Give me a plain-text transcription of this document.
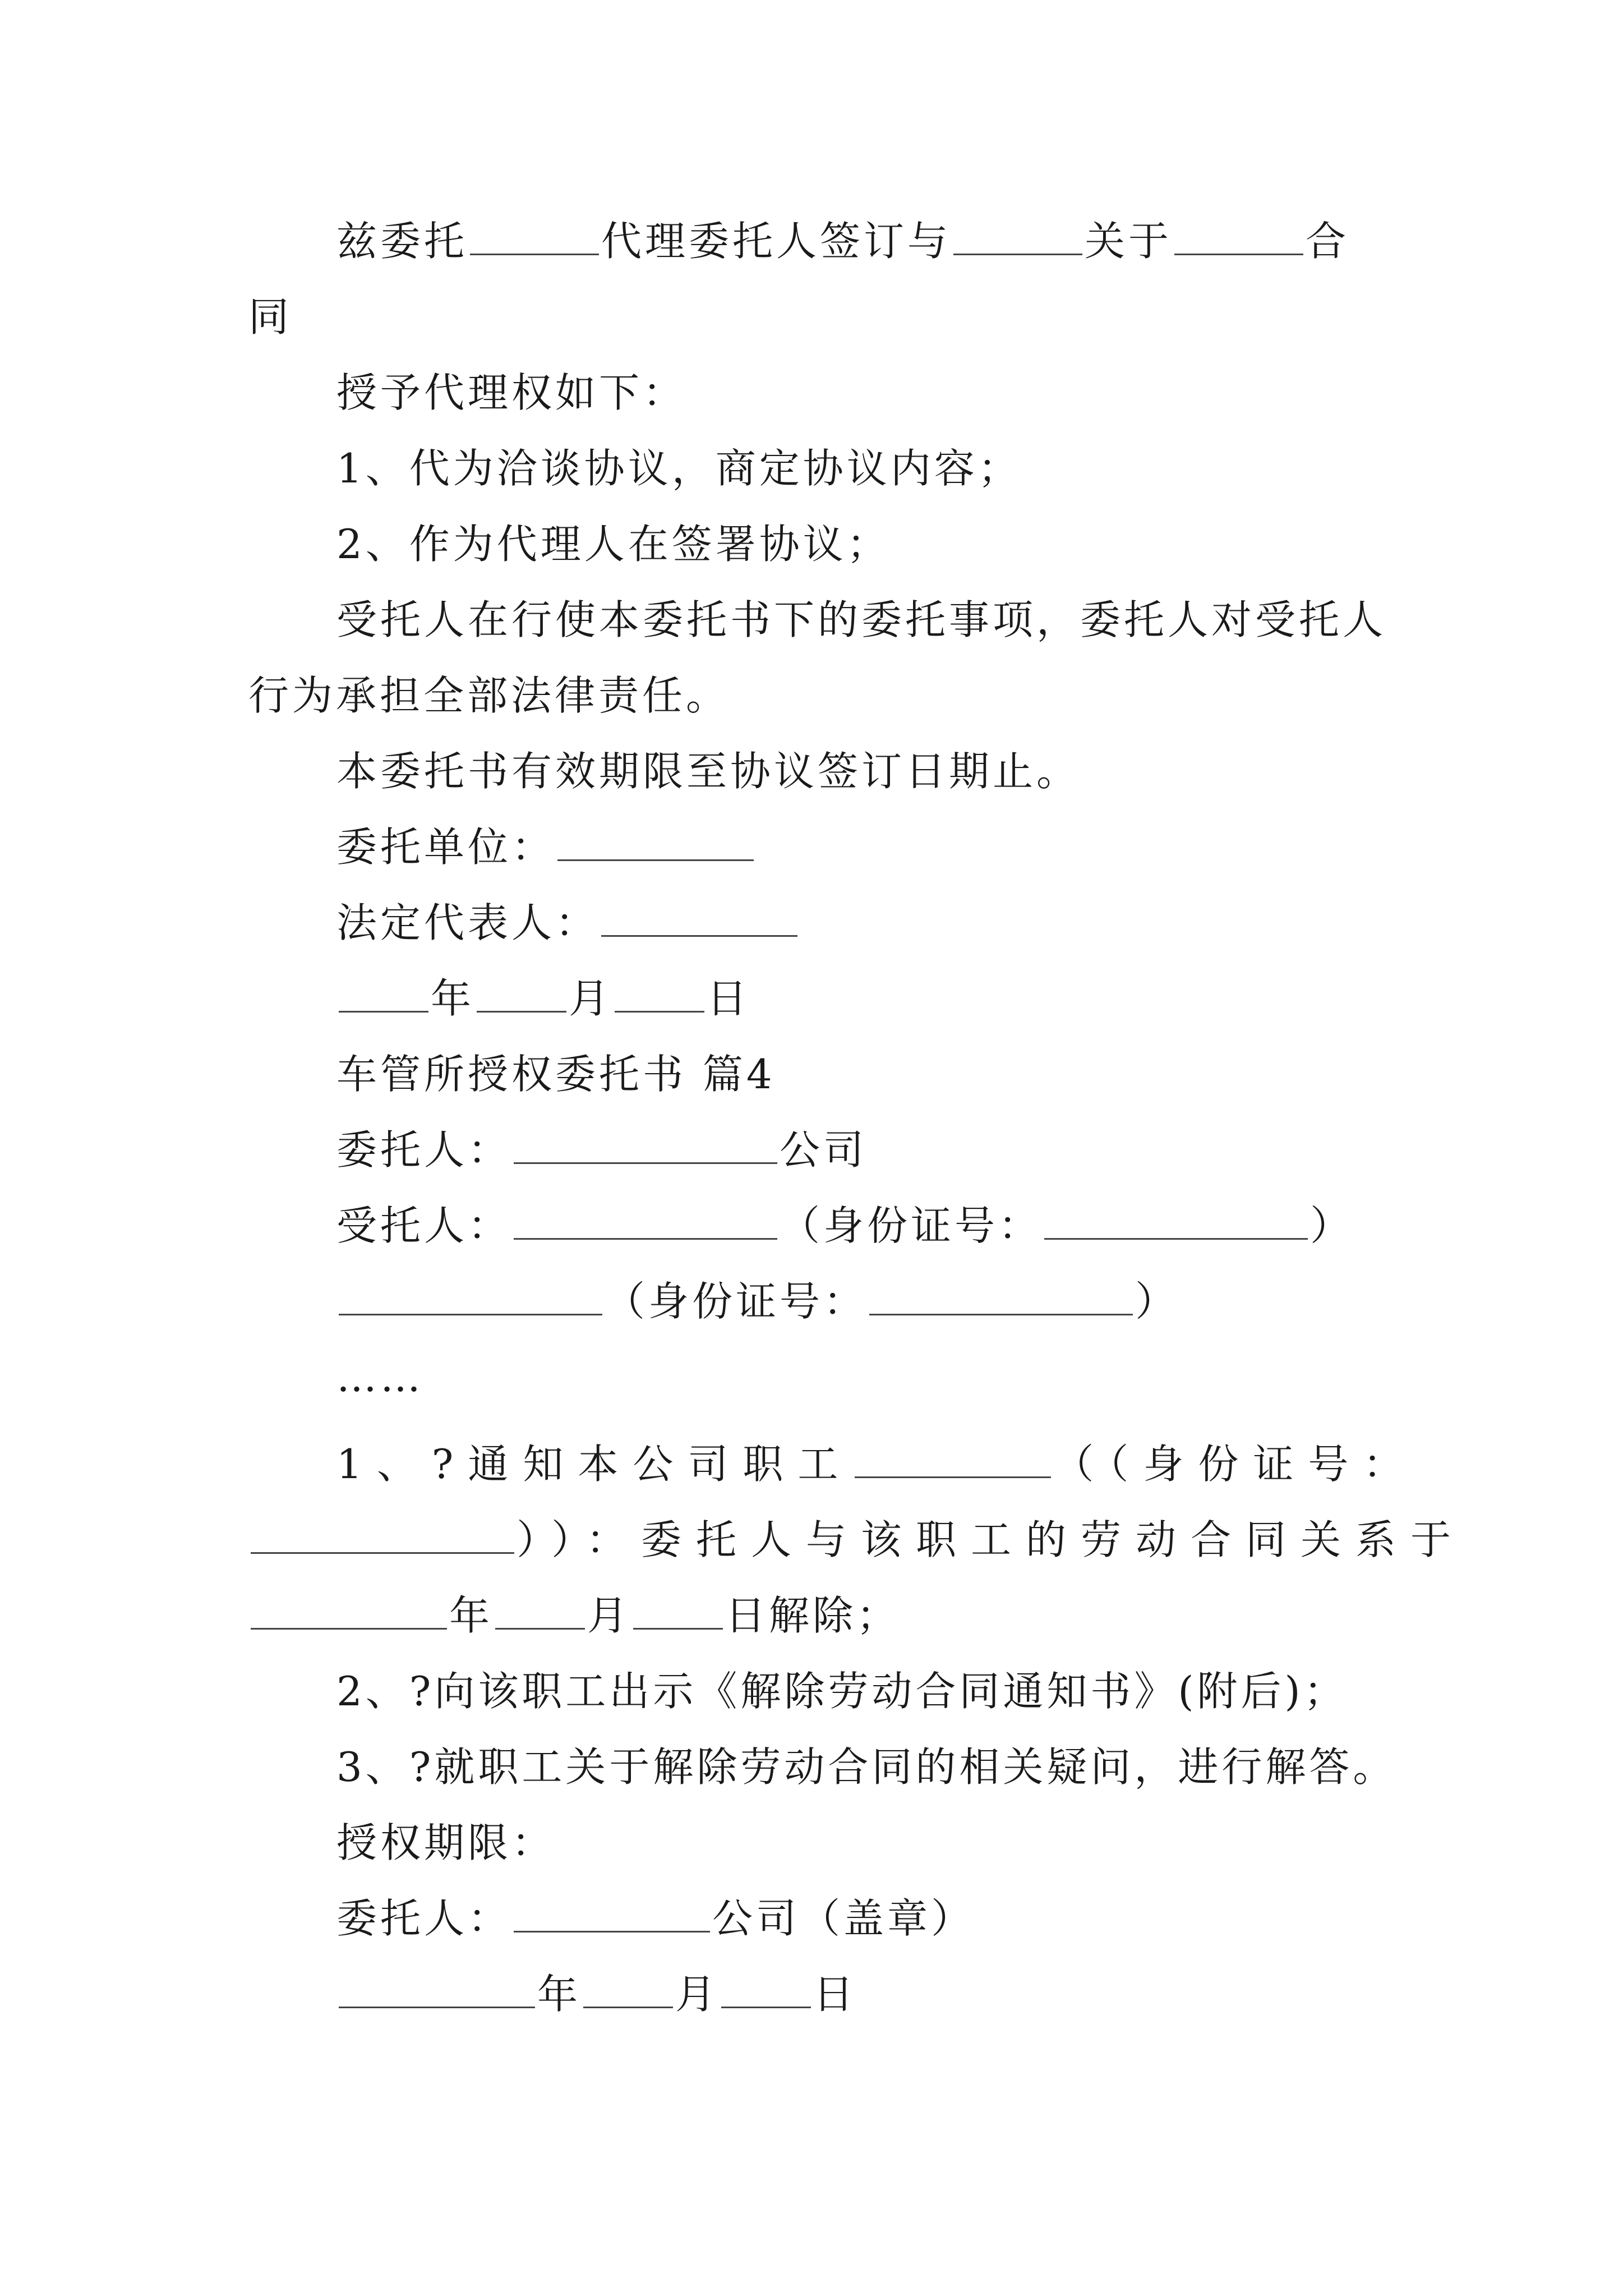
兹委托	代理委托人签订与	关于	合
同
授予代理权如下：
1、代为洽谈协议，商定协议内容；
2、作为代理人在签署协议；
受托人在行使本委托书下的委托事项，委托人对受托人
行为承担全部法律责任。
本委托书有效期限至协议签订日期止。
委托单位：
法定代表人：
年 月 日
车管所授权委托书 篇4
委托人：	公司
受托人：	（身份证号：	）
（身份证号：	）
……
1、?通知本公司职工	（（身份证号：
））：委托人与该职工的劳动合同关系于
年 月 日解除；
2、?向该职工出示《解除劳动合同通知书》(附后)；
3、?就职工关于解除劳动合同的相关疑问，进行解答。
授权期限：
委托人：	公司（盖章）
年 月 日
